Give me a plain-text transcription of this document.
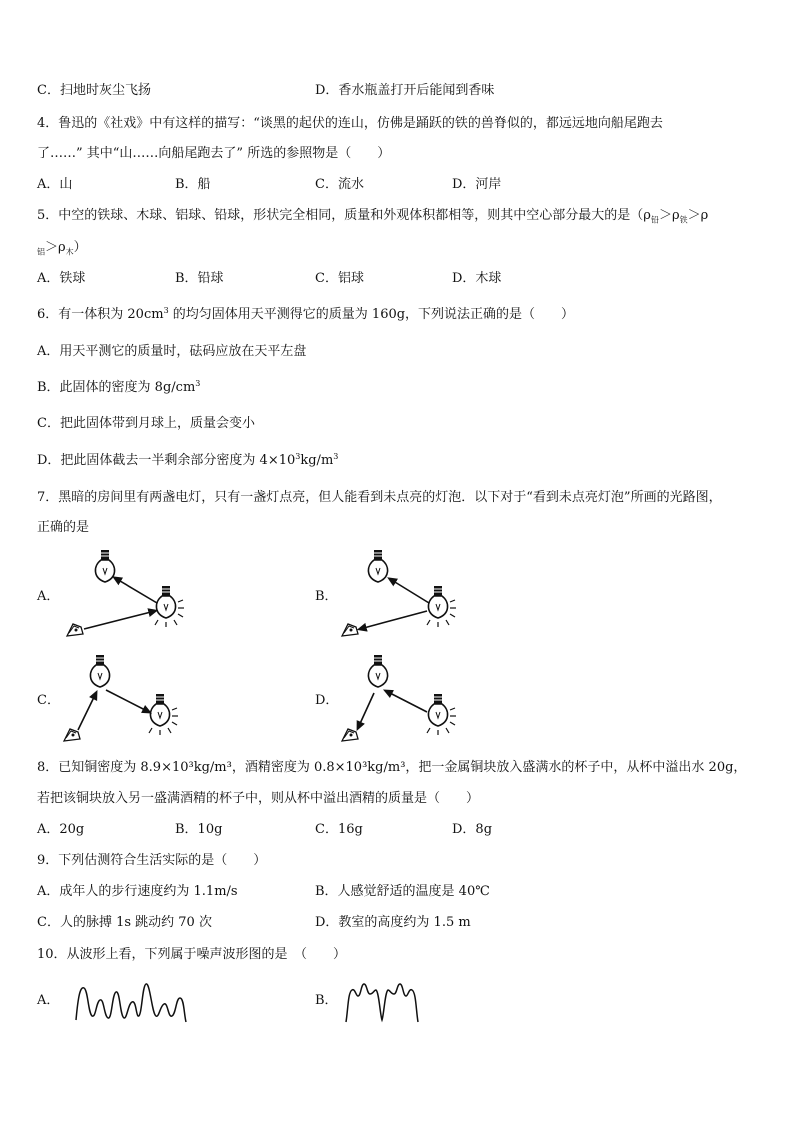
C．扫地时灰尘飞扬	D．香水瓶盖打开后能闻到香味
4．鲁迅的《社戏》中有这样的描写：“谈黑的起伏的连山，仿佛是踊跃的铁的兽脊似的，都远远地向船尾跑去
了……” 其中“山……向船尾跑去了” 所选的参照物是（　　）
A．山	B．船	C．流水	D．河岸
5．中空的铁球、木球、铝球、铅球，形状完全相同，质量和外观体积都相等，则其中空心部分最大的是（$\rho_铅>\rho_铁>\rho$
$_铝>\rho_木$）
A．铁球	B．铅球	C．铝球	D．木球
6．有一体积为 $20cm^3$ 的均匀固体用天平测得它的质量为 160g，下列说法正确的是（　　）
A．用天平测它的质量时，砝码应放在天平左盘
B．此固体的密度为 $8g/cm^3$
C．把此固体带到月球上，质量会变小
D．把此固体截去一半剩余部分密度为 $4\times 10^3kg/m^3$
7．黑暗的房间里有两盏电灯，只有一盏灯点亮，但人能看到未点亮的灯泡．以下对于“看到未点亮灯泡”所画的光路图，
正确的是
A．	B．
C．	D．
8．已知铜密度为 8.9×10³kg/m³，酒精密度为 0.8×10³kg/m³，把一金属铜块放入盛满水的杯子中，从杯中溢出水 20g，
若把该铜块放入另一盛满酒精的杯子中，则从杯中溢出酒精的质量是（　　）
A．20g	B．10g	C．16g	D．8g
9．下列估测符合生活实际的是（　　）
A．成年人的步行速度约为 1.1m/s	B．人感觉舒适的温度是 40℃
C．人的脉搏 1s 跳动约 70 次	D．教室的高度约为 1.5 m
10．从波形上看，下列属于噪声波形图的是　（　　）
A．	B．
